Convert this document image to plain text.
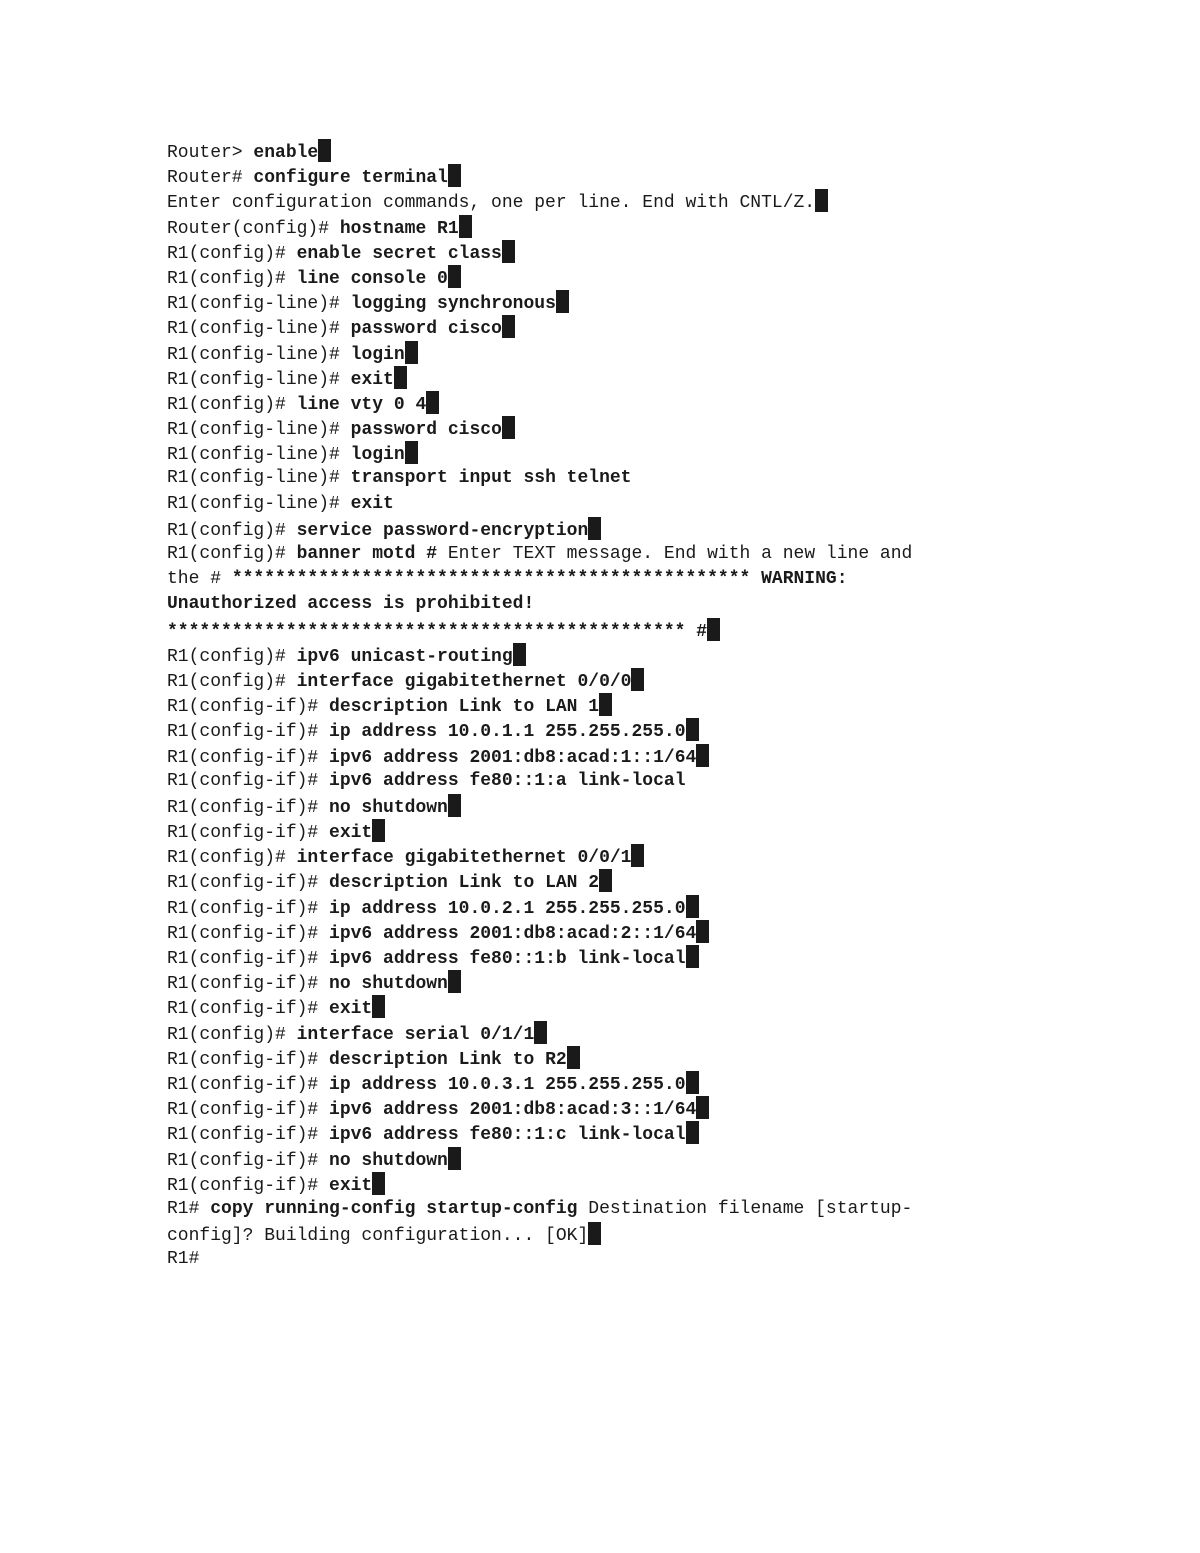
Router> enable
Router# configure terminal
Enter configuration commands, one per line. End with CNTL/Z.
Router(config)# hostname R1
R1(config)# enable secret class
R1(config)# line console 0
R1(config-line)# logging synchronous
R1(config-line)# password cisco
R1(config-line)# login
R1(config-line)# exit
R1(config)# line vty 0 4
R1(config-line)# password cisco
R1(config-line)# login
R1(config-line)# transport input ssh telnet
R1(config-line)# exit
R1(config)# service password-encryption
R1(config)# banner motd # Enter TEXT message. End with a new line and
the # ************************************************ WARNING:
Unauthorized access is prohibited!
************************************************ #
R1(config)# ipv6 unicast-routing
R1(config)# interface gigabitethernet 0/0/0
R1(config-if)# description Link to LAN 1
R1(config-if)# ip address 10.0.1.1 255.255.255.0
R1(config-if)# ipv6 address 2001:db8:acad:1::1/64
R1(config-if)# ipv6 address fe80::1:a link-local
R1(config-if)# no shutdown
R1(config-if)# exit
R1(config)# interface gigabitethernet 0/0/1
R1(config-if)# description Link to LAN 2
R1(config-if)# ip address 10.0.2.1 255.255.255.0
R1(config-if)# ipv6 address 2001:db8:acad:2::1/64
R1(config-if)# ipv6 address fe80::1:b link-local
R1(config-if)# no shutdown
R1(config-if)# exit
R1(config)# interface serial 0/1/1
R1(config-if)# description Link to R2
R1(config-if)# ip address 10.0.3.1 255.255.255.0
R1(config-if)# ipv6 address 2001:db8:acad:3::1/64
R1(config-if)# ipv6 address fe80::1:c link-local
R1(config-if)# no shutdown
R1(config-if)# exit
R1# copy running-config startup-config Destination filename [startup-
config]? Building configuration... [OK]
R1#
